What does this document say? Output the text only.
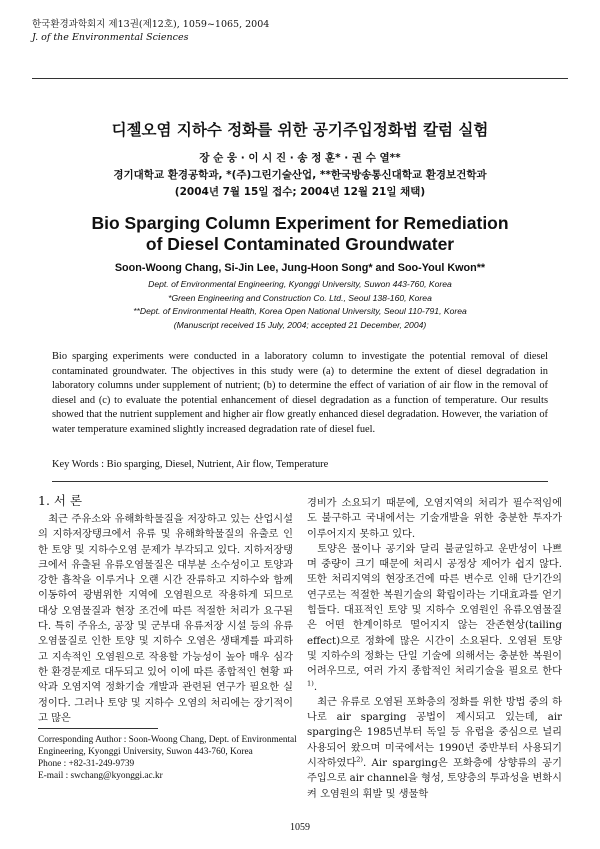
한국환경과학회지 제13권(제12호), 1059~1065, 2004
J. of the Environmental Sciences
디젤오염 지하수 정화를 위한 공기주입정화법 칼럼 실험
장 순 웅 · 이 시 진 · 송 정 훈* · 권 수 열**
경기대학교 환경공학과, *(주)그린기술산업, **한국방송통신대학교 환경보건학과
(2004년 7월 15일 접수; 2004년 12월 21일 채택)
Bio Sparging Column Experiment for Remediation
of Diesel Contaminated Groundwater
Soon-Woong Chang, Si-Jin Lee, Jung-Hoon Song* and Soo-Youl Kwon**
Dept. of Environmental Engineering, Kyonggi University, Suwon 443-760, Korea
*Green Engineering and Construction Co. Ltd., Seoul 138-160, Korea
**Dept. of Environmental Health, Korea Open National University, Seoul 110-791, Korea
(Manuscript received 15 July, 2004; accepted 21 December, 2004)
Bio sparging experiments were conducted in a laboratory column to investigate the potential removal of diesel contaminated groundwater. The objectives in this study were (a) to determine the extent of diesel degradation in laboratory columns under supplement of nutrient; (b) to determine the effect of variation of air flow in the removal of diesel and (c) to evaluate the potential enhancement of diesel degradation as a function of temperature. Our results showed that the nutrient supplement and higher air flow greatly enhanced diesel degradation. However, the variation of water temperature examined slightly increased degradation rate of diesel fuel.
Key Words : Bio sparging, Diesel, Nutrient, Air flow, Temperature
1. 서 론

최근 주유소와 유해화학물질을 저장하고 있는 산업시설의 지하저장탱크에서 유류 및 유해화학물질의 유출로 인한 토양 및 지하수오염 문제가 부각되고 있다. 지하저장탱크에서 유출된 유류오염물질은 대부분 소수성이고 토양과 강한 흡착을 이루거나 오랜 시간 잔류하고 지하수와 함께 이동하여 광범위한 지역에 오염원으로 작용하게 되므로 대상 오염물질과 현장 조건에 따른 적절한 처리가 요구된다. 특히 주유소, 공장 및 군부대 유류저장 시설 등의 유류오염물질로 인한 토양 및 지하수 오염은 생태계를 파괴하고 지속적인 오염원으로 작용할 가능성이 높아 매우 심각한 환경문제로 대두되고 있어 이에 따른 종합적인 현황 파악과 오염지역 정화기술 개발과 관련된 연구가 필요한 실정이다. 그러나 토양 및 지하수 오염의 처리에는 장기적이고 많은

경비가 소요되기 때문에, 오염지역의 처리가 필수적임에도 불구하고 국내에서는 기술개발을 위한 충분한 투자가 이루어지지 못하고 있다.

토양은 물이나 공기와 달리 불균일하고 운반성이 나쁘며 중량이 크기 때문에 처리시 공정상 제어가 쉽지 않다. 또한 처리지역의 현장조건에 따른 변수로 인해 단기간의 연구로는 적절한 복원기술의 확립이라는 기대효과를 얻기 힘들다. 대표적인 토양 및 지하수 오염원인 유류오염물질은 어떤 한계이하로 떨어지지 않는 잔존현상(tailing effect)으로 정화에 많은 시간이 소요된다. 오염된 토양 및 지하수의 정화는 단일 기술에 의해서는 충분한 복원이 어려우므로, 여러 가지 종합적인 처리기술을 필요로 한다$^{1)}$.

최근 유류로 오염된 포화층의 정화를 위한 방법 중의 하나로 air sparging 공법이 제시되고 있는데, air sparging은 1985년부터 독일 등 유럽을 중심으로 널리 사용되어 왔으며 미국에서는 1990년 중반부터 사용되기 시작하였다$^{2)}$. Air sparging은 포화층에 상향류의 공기 주입으로 air channel을 형성, 토양층의 투과성을 변화시켜 오염원의 휘발 및 생물학

Corresponding Author : Soon-Woong Chang, Dept. of Environmental Engineering, Kyonggi University, Suwon 443-760, Korea
Phone : +82-31-249-9739
E-mail : swchang@kyonggi.ac.kr
1059
